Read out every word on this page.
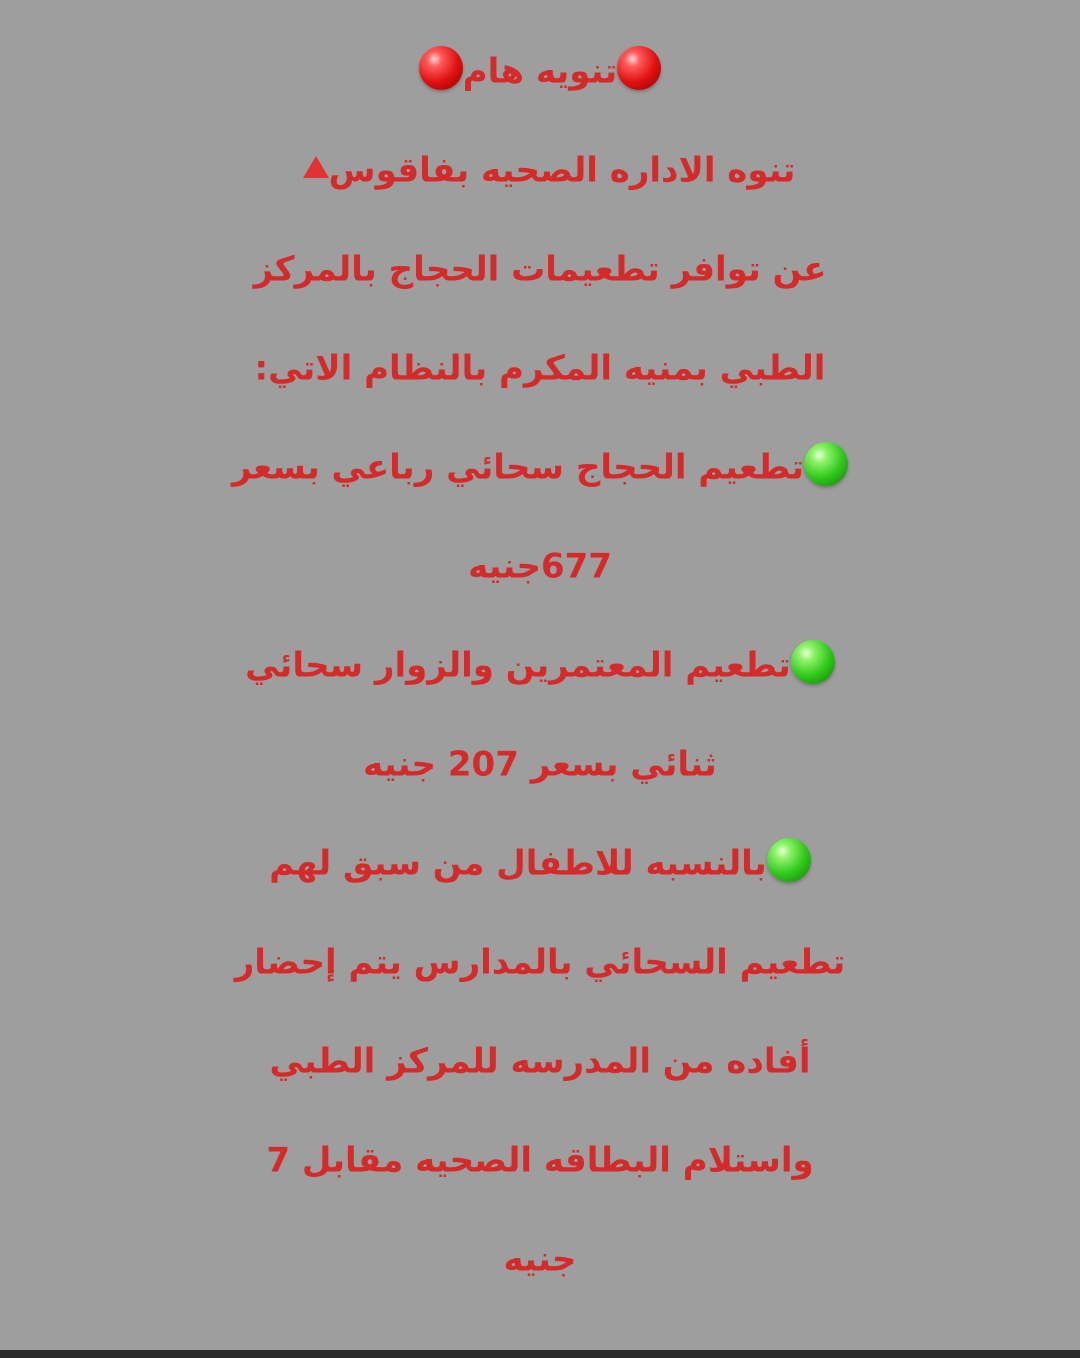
تنويه هام
تنوه الاداره الصحيه بفاقوس
عن توافر تطعيمات الحجاج بالمركز
الطبي بمنيه المكرم بالنظام الاتي:
تطعيم الحجاج سحائي رباعي بسعر
677جنيه
تطعيم المعتمرين والزوار سحائي
ثنائي بسعر 207 جنيه
بالنسبه للاطفال من سبق لهم
تطعيم السحائي بالمدارس يتم إحضار
أفاده من المدرسه للمركز الطبي
واستلام البطاقه الصحيه مقابل 7
جنيه
